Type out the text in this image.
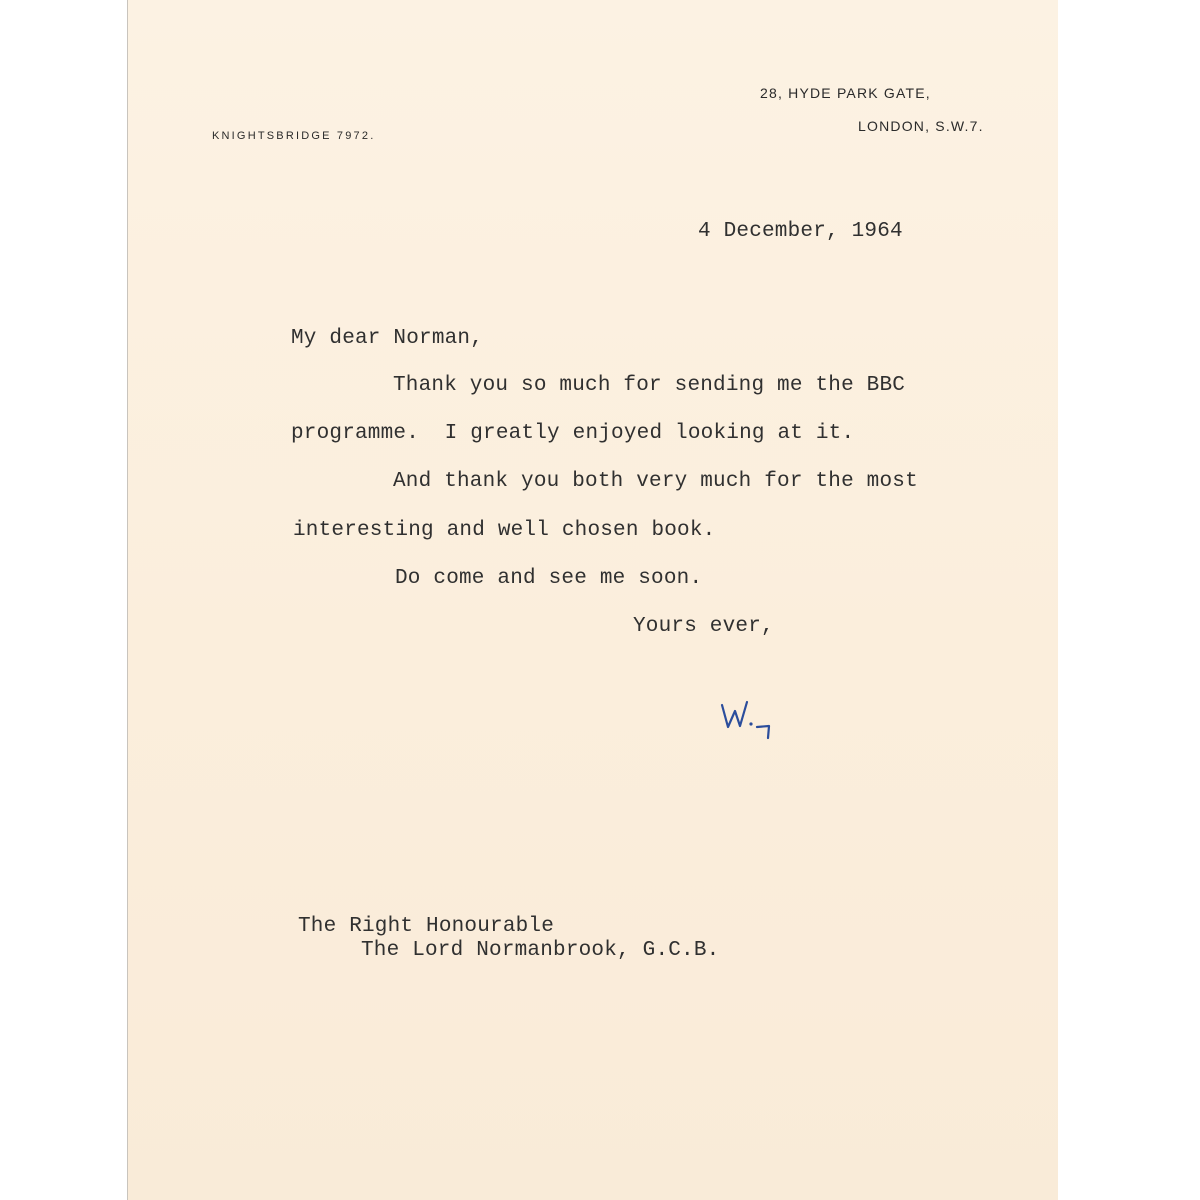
KNIGHTSBRIDGE 7972.
28, HYDE PARK GATE,
LONDON, S.W.7.
4 December, 1964
My dear Norman,
Thank you so much for sending me the BBC
programme.  I greatly enjoyed looking at it.
And thank you both very much for the most
interesting and well chosen book.
Do come and see me soon.
Yours ever,
The Right Honourable
The Lord Normanbrook, G.C.B.
